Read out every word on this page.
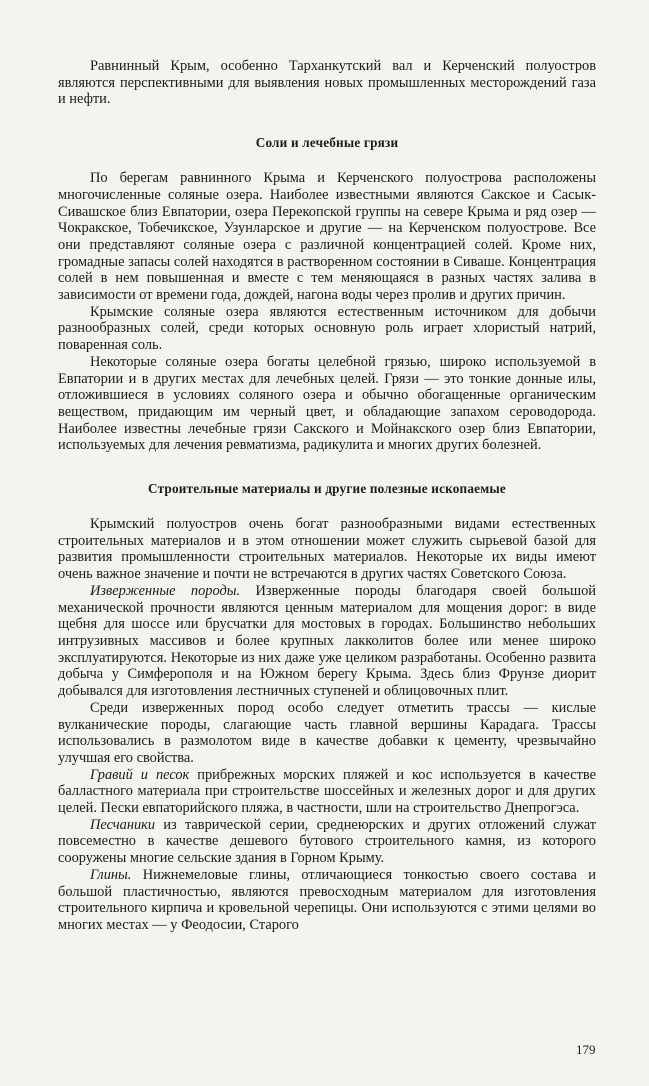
Равнинный Крым, особенно Тарханкутский вал и Керченский полуостров являются перспективными для выявления новых промышленных месторождений газа и нефти.

Соли и лечебные грязи

По берегам равнинного Крыма и Керченского полуострова расположены многочисленные соляные озера. Наиболее известными являются Сакское и Сасык-Сивашское близ Евпатории, озера Перекопской группы на севере Крыма и ряд озер — Чокракское, Тобечикское, Узунларское и другие — на Керченском полуострове. Все они представляют соляные озера с различной концентрацией солей. Кроме них, громадные запасы солей находятся в растворенном состоянии в Сиваше. Концентрация солей в нем повышенная и вместе с тем меняющаяся в разных частях залива в зависимости от времени года, дождей, нагона воды через пролив и других причин.

Крымские соляные озера являются естественным источником для добычи разнообразных солей, среди которых основную роль играет хлористый натрий, поваренная соль.

Некоторые соляные озера богаты целебной грязью, широко используемой в Евпатории и в других местах для лечебных целей. Грязи — это тонкие донные илы, отложившиеся в условиях соляного озера и обычно обогащенные органическим веществом, придающим им черный цвет, и обладающие запахом сероводорода. Наиболее известны лечебные грязи Сакского и Мойнакского озер близ Евпатории, используемых для лечения ревматизма, радикулита и многих других болезней.

Строительные материалы и другие полезные ископаемые

Крымский полуостров очень богат разнообразными видами естественных строительных материалов и в этом отношении может служить сырьевой базой для развития промышленности строительных материалов. Некоторые их виды имеют очень важное значение и почти не встречаются в других частях Советского Союза.

Изверженные породы. Изверженные породы благодаря своей большой механической прочности являются ценным материалом для мощения дорог: в виде щебня для шоссе или брусчатки для мостовых в городах. Большинство небольших интрузивных массивов и более крупных лакколитов более или менее широко эксплуатируются. Некоторые из них даже уже целиком разработаны. Особенно развита добыча у Симферополя и на Южном берегу Крыма. Здесь близ Фрунзе диорит добывался для изготовления лестничных ступеней и облицовочных плит.

Среди изверженных пород особо следует отметить трассы — кислые вулканические породы, слагающие часть главной вершины Карадага. Трассы использовались в размолотом виде в качестве добавки к цементу, чрезвычайно улучшая его свойства.

Гравий и песок прибрежных морских пляжей и кос используется в качестве балластного материала при строительстве шоссейных и железных дорог и для других целей. Пески евпаторийского пляжа, в частности, шли на строительство Днепрогэса.

Песчаники из таврической серии, среднеюрских и других отложений служат повсеместно в качестве дешевого бутового строительного камня, из которого сооружены многие сельские здания в Горном Крыму.

Глины. Нижнемеловые глины, отличающиеся тонкостью своего состава и большой пластичностью, являются превосходным материалом для изготовления строительного кирпича и кровельной черепицы. Они используются с этими целями во многих местах — у Феодосии, Старого

179
